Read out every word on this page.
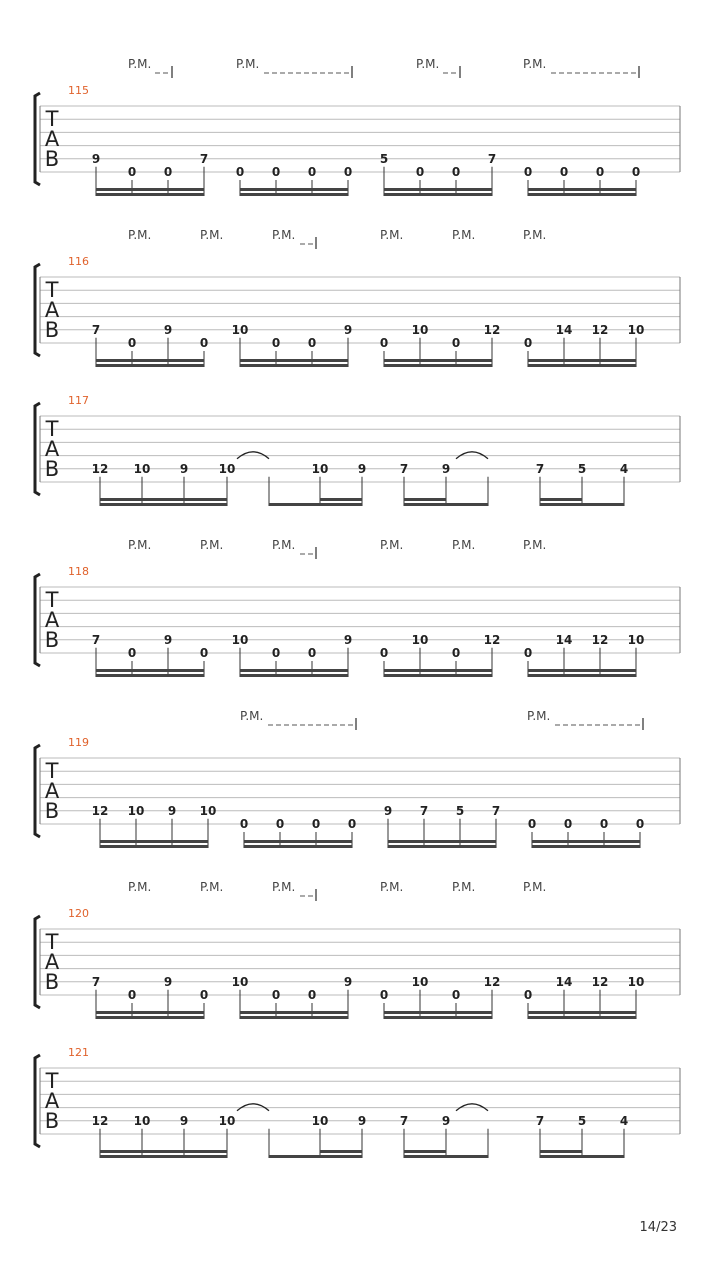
T
A
B
115
P.M.	P.M.	P.M.	P.M.
9
0 0
7
0 0 0 0
5
0 0
7
0 0 0 0
T
A
B
116
P.M.	P.M.	P.M.	P.M.	P.M.	P.M.
7
0
9
0
10
0 0
9
0
10
0
12
0
14 12 10
T
A
B
117
12 10 9	10	10 9	7	9	7	5	4
T
A
B
118
P.M.	P.M.	P.M.	P.M.	P.M.	P.M.
7
0
9
0
10
0 0
9
0
10
0
12
0
14 12 10
T
A
B
119
P.M.	P.M.
12 10 9 10
0 0 0 0
9 7 5 7
0 0 0 0
T
A
B
120
P.M.	P.M.	P.M.	P.M.	P.M.	P.M.
7
0
9
0
10
0 0
9
0
10
0
12
0
14 12 10
T
A
B
121
12 10 9	10	10 9	7	9	7	5	4
14/23
